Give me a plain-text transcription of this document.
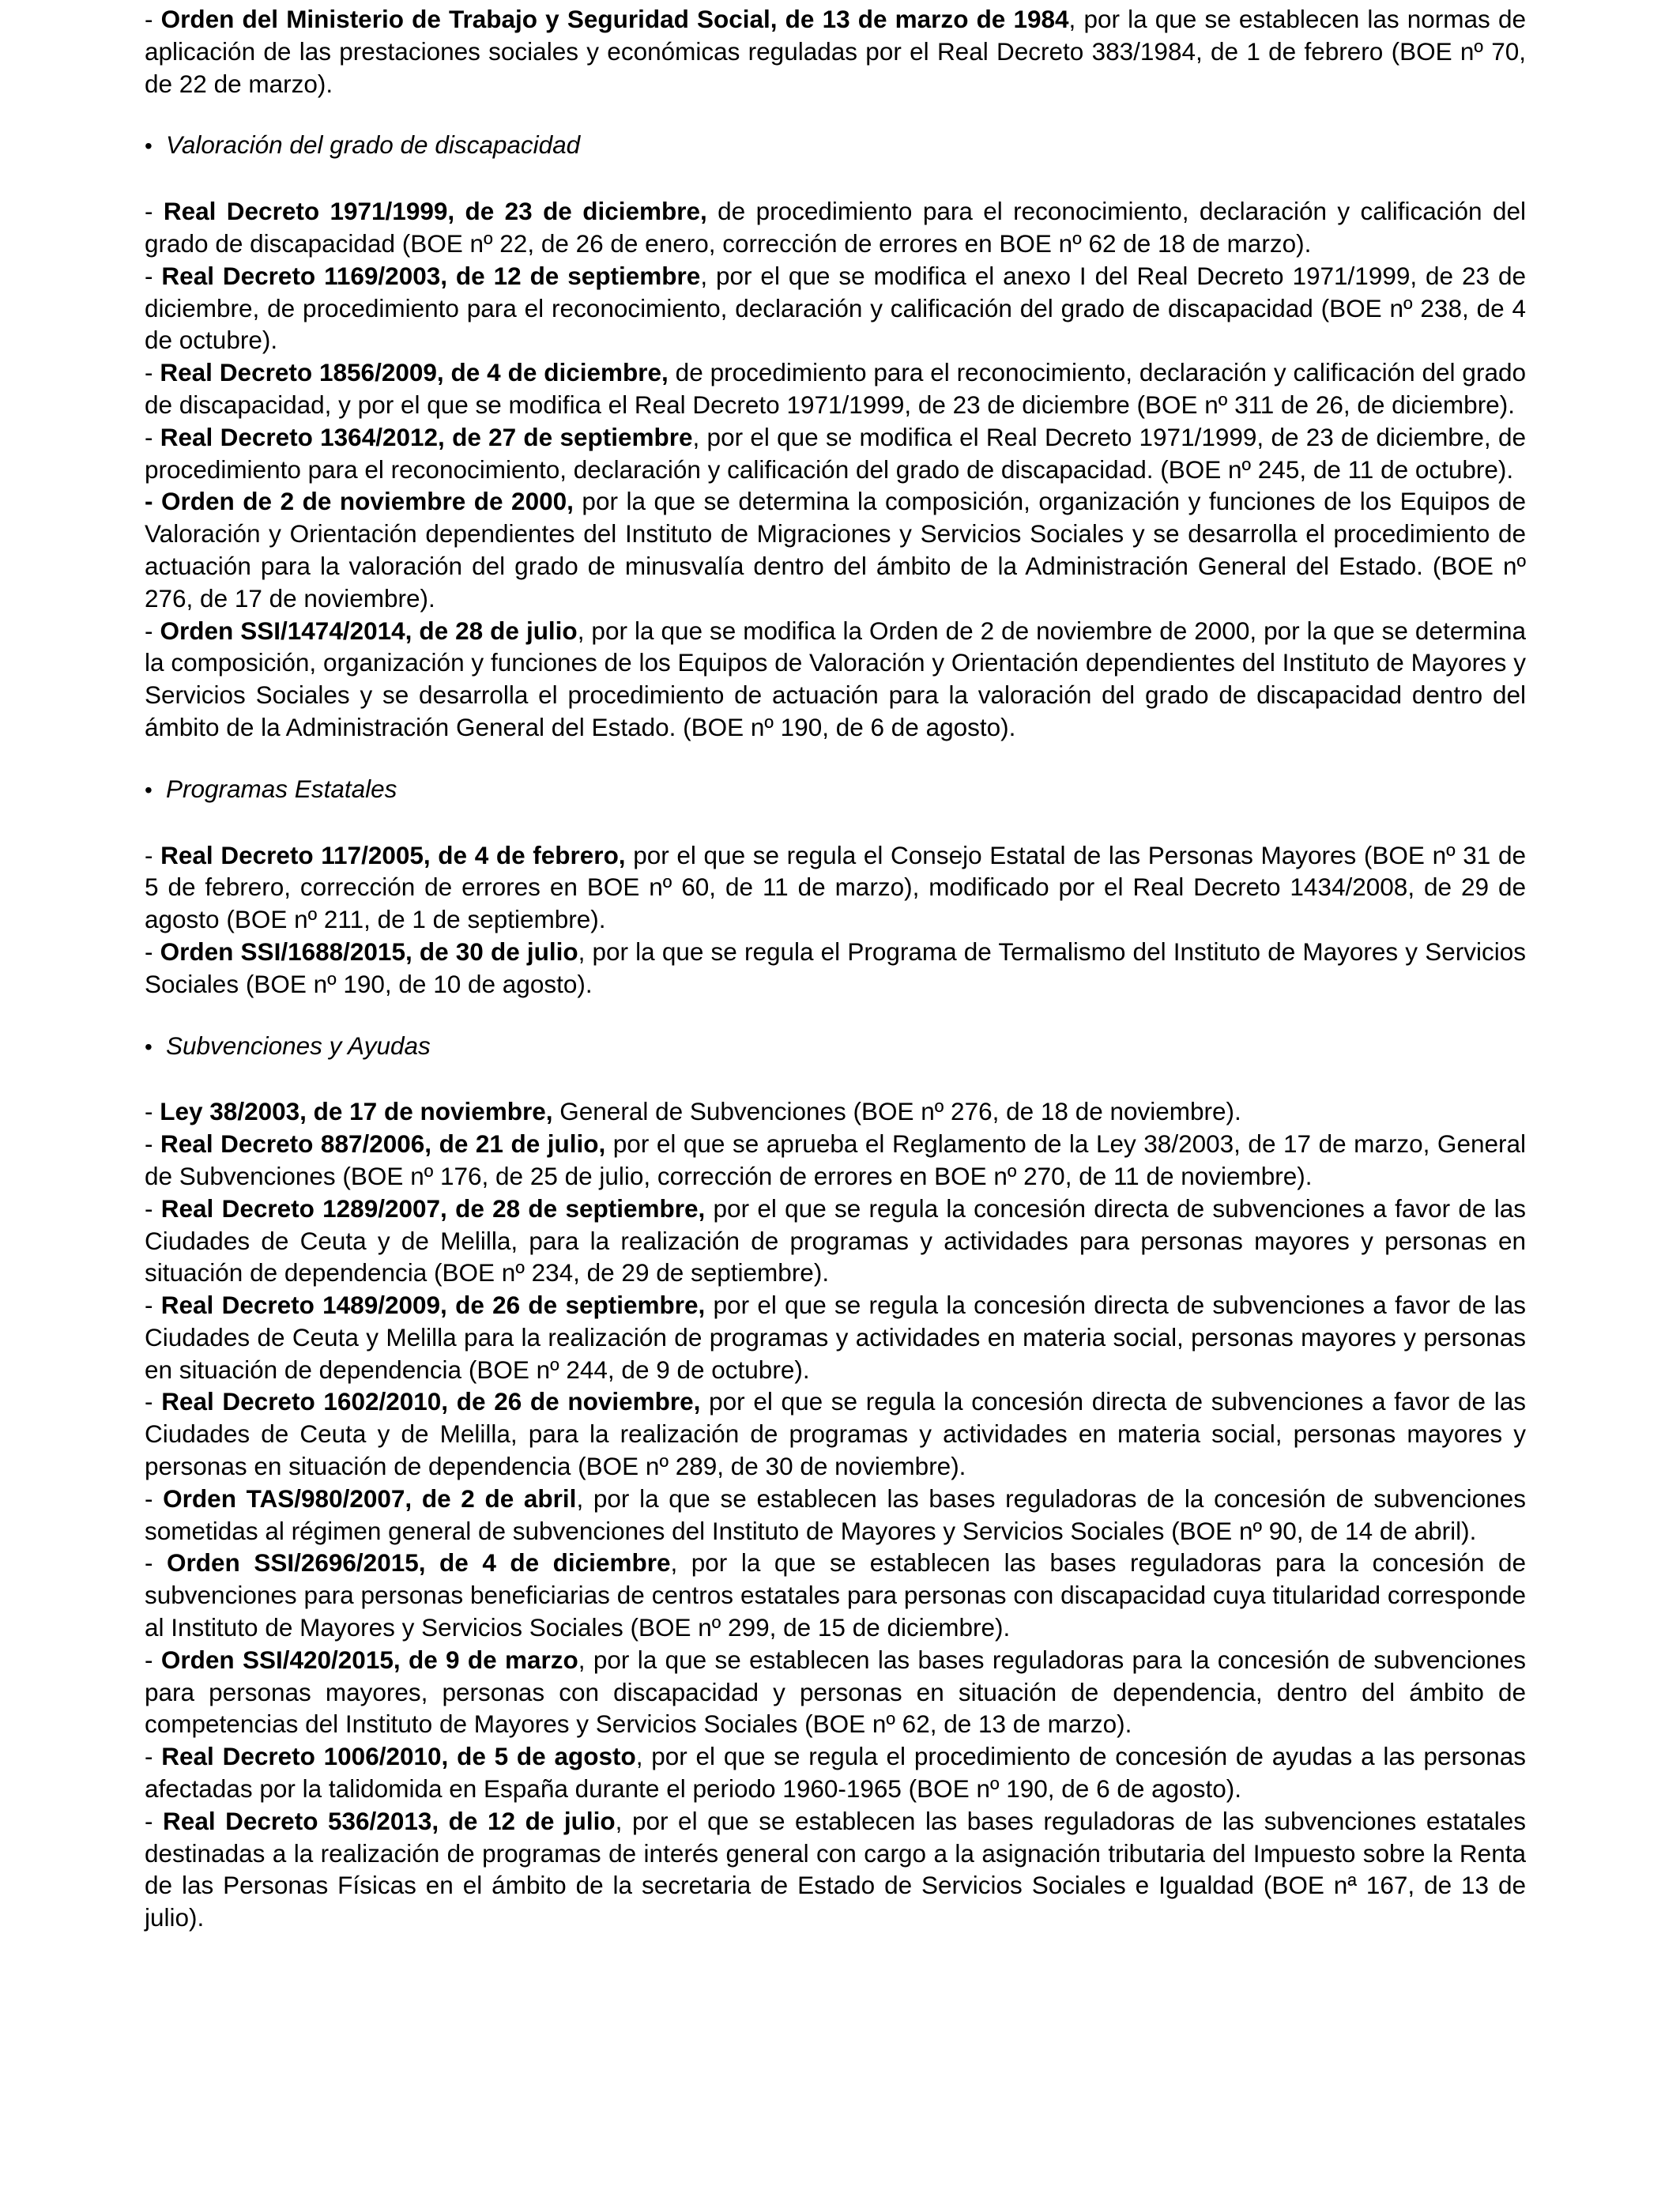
- Orden del Ministerio de Trabajo y Seguridad Social, de 13 de marzo de 1984, por la que se establecen las normas de aplicación de las prestaciones sociales y económicas reguladas por el Real Decreto 383/1984, de 1 de febrero (BOE nº 70, de 22 de marzo).

• Valoración del grado de discapacidad

- Real Decreto 1971/1999, de 23 de diciembre, de procedimiento para el reconocimiento, declaración y calificación del grado de discapacidad (BOE nº 22, de 26 de enero, corrección de errores en BOE nº 62 de 18 de marzo).

- Real Decreto 1169/2003, de 12 de septiembre, por el que se modifica el anexo I del Real Decreto 1971/1999, de 23 de diciembre, de procedimiento para el reconocimiento, declaración y calificación del grado de discapacidad (BOE nº 238, de 4 de octubre).

- Real Decreto 1856/2009, de 4 de diciembre, de procedimiento para el reconocimiento, declaración y calificación del grado de discapacidad, y por el que se modifica el Real Decreto 1971/1999, de 23 de diciembre (BOE nº 311 de 26, de diciembre).

- Real Decreto 1364/2012, de 27 de septiembre, por el que se modifica el Real Decreto 1971/1999, de 23 de diciembre, de procedimiento para el reconocimiento, declaración y calificación del grado de discapacidad. (BOE nº 245, de 11 de octubre).

- Orden de 2 de noviembre de 2000, por la que se determina la composición, organización y funciones de los Equipos de Valoración y Orientación dependientes del Instituto de Migraciones y Servicios Sociales y se desarrolla el procedimiento de actuación para la valoración del grado de minusvalía dentro del ámbito de la Administración General del Estado. (BOE nº 276, de 17 de noviembre).

- Orden SSI/1474/2014, de 28 de julio, por la que se modifica la Orden de 2 de noviembre de 2000, por la que se determina la composición, organización y funciones de los Equipos de Valoración y Orientación dependientes del Instituto de Mayores y Servicios Sociales y se desarrolla el procedimiento de actuación para la valoración del grado de discapacidad dentro del ámbito de la Administración General del Estado. (BOE nº 190, de 6 de agosto).

• Programas Estatales

- Real Decreto 117/2005, de 4 de febrero, por el que se regula el Consejo Estatal de las Personas Mayores (BOE nº 31 de 5 de febrero, corrección de errores en BOE nº 60, de 11 de marzo), modificado por el Real Decreto 1434/2008, de 29 de agosto (BOE nº 211, de 1 de septiembre).

- Orden SSI/1688/2015, de 30 de julio, por la que se regula el Programa de Termalismo del Instituto de Mayores y Servicios Sociales (BOE nº 190, de 10 de agosto).

• Subvenciones y Ayudas

- Ley 38/2003, de 17 de noviembre, General de Subvenciones (BOE nº 276, de 18 de noviembre).

- Real Decreto 887/2006, de 21 de julio, por el que se aprueba el Reglamento de la Ley 38/2003, de 17 de marzo, General de Subvenciones (BOE nº 176, de 25 de julio, corrección de errores en BOE nº 270, de 11 de noviembre).

- Real Decreto 1289/2007, de 28 de septiembre, por el que se regula la concesión directa de subvenciones a favor de las Ciudades de Ceuta y de Melilla, para la realización de programas y actividades para personas mayores y personas en situación de dependencia (BOE nº 234, de 29 de septiembre).

- Real Decreto 1489/2009, de 26 de septiembre, por el que se regula la concesión directa de subvenciones a favor de las Ciudades de Ceuta y Melilla para la realización de programas y actividades en materia social, personas mayores y personas en situación de dependencia (BOE nº 244, de 9 de octubre).

- Real Decreto 1602/2010, de 26 de noviembre, por el que se regula la concesión directa de subvenciones a favor de las Ciudades de Ceuta y de Melilla, para la realización de programas y actividades en materia social, personas mayores y personas en situación de dependencia (BOE nº 289, de 30 de noviembre).

- Orden TAS/980/2007, de 2 de abril, por la que se establecen las bases reguladoras de la concesión de subvenciones sometidas al régimen general de subvenciones del Instituto de Mayores y Servicios Sociales (BOE nº 90, de 14 de abril).

- Orden SSI/2696/2015, de 4 de diciembre, por la que se establecen las bases reguladoras para la concesión de subvenciones para personas beneficiarias de centros estatales para personas con discapacidad cuya titularidad corresponde al Instituto de Mayores y Servicios Sociales (BOE nº 299, de 15 de diciembre).

- Orden SSI/420/2015, de 9 de marzo, por la que se establecen las bases reguladoras para la concesión de subvenciones para personas mayores, personas con discapacidad y personas en situación de dependencia, dentro del ámbito de competencias del Instituto de Mayores y Servicios Sociales (BOE nº 62, de 13 de marzo).

- Real Decreto 1006/2010, de 5 de agosto, por el que se regula el procedimiento de concesión de ayudas a las personas afectadas por la talidomida en España durante el periodo 1960-1965 (BOE nº 190, de 6 de agosto).

- Real Decreto 536/2013, de 12 de julio, por el que se establecen las bases reguladoras de las subvenciones estatales destinadas a la realización de programas de interés general con cargo a la asignación tributaria del Impuesto sobre la Renta de las Personas Físicas en el ámbito de la secretaria de Estado de Servicios Sociales e Igualdad (BOE nª 167, de 13 de julio).
